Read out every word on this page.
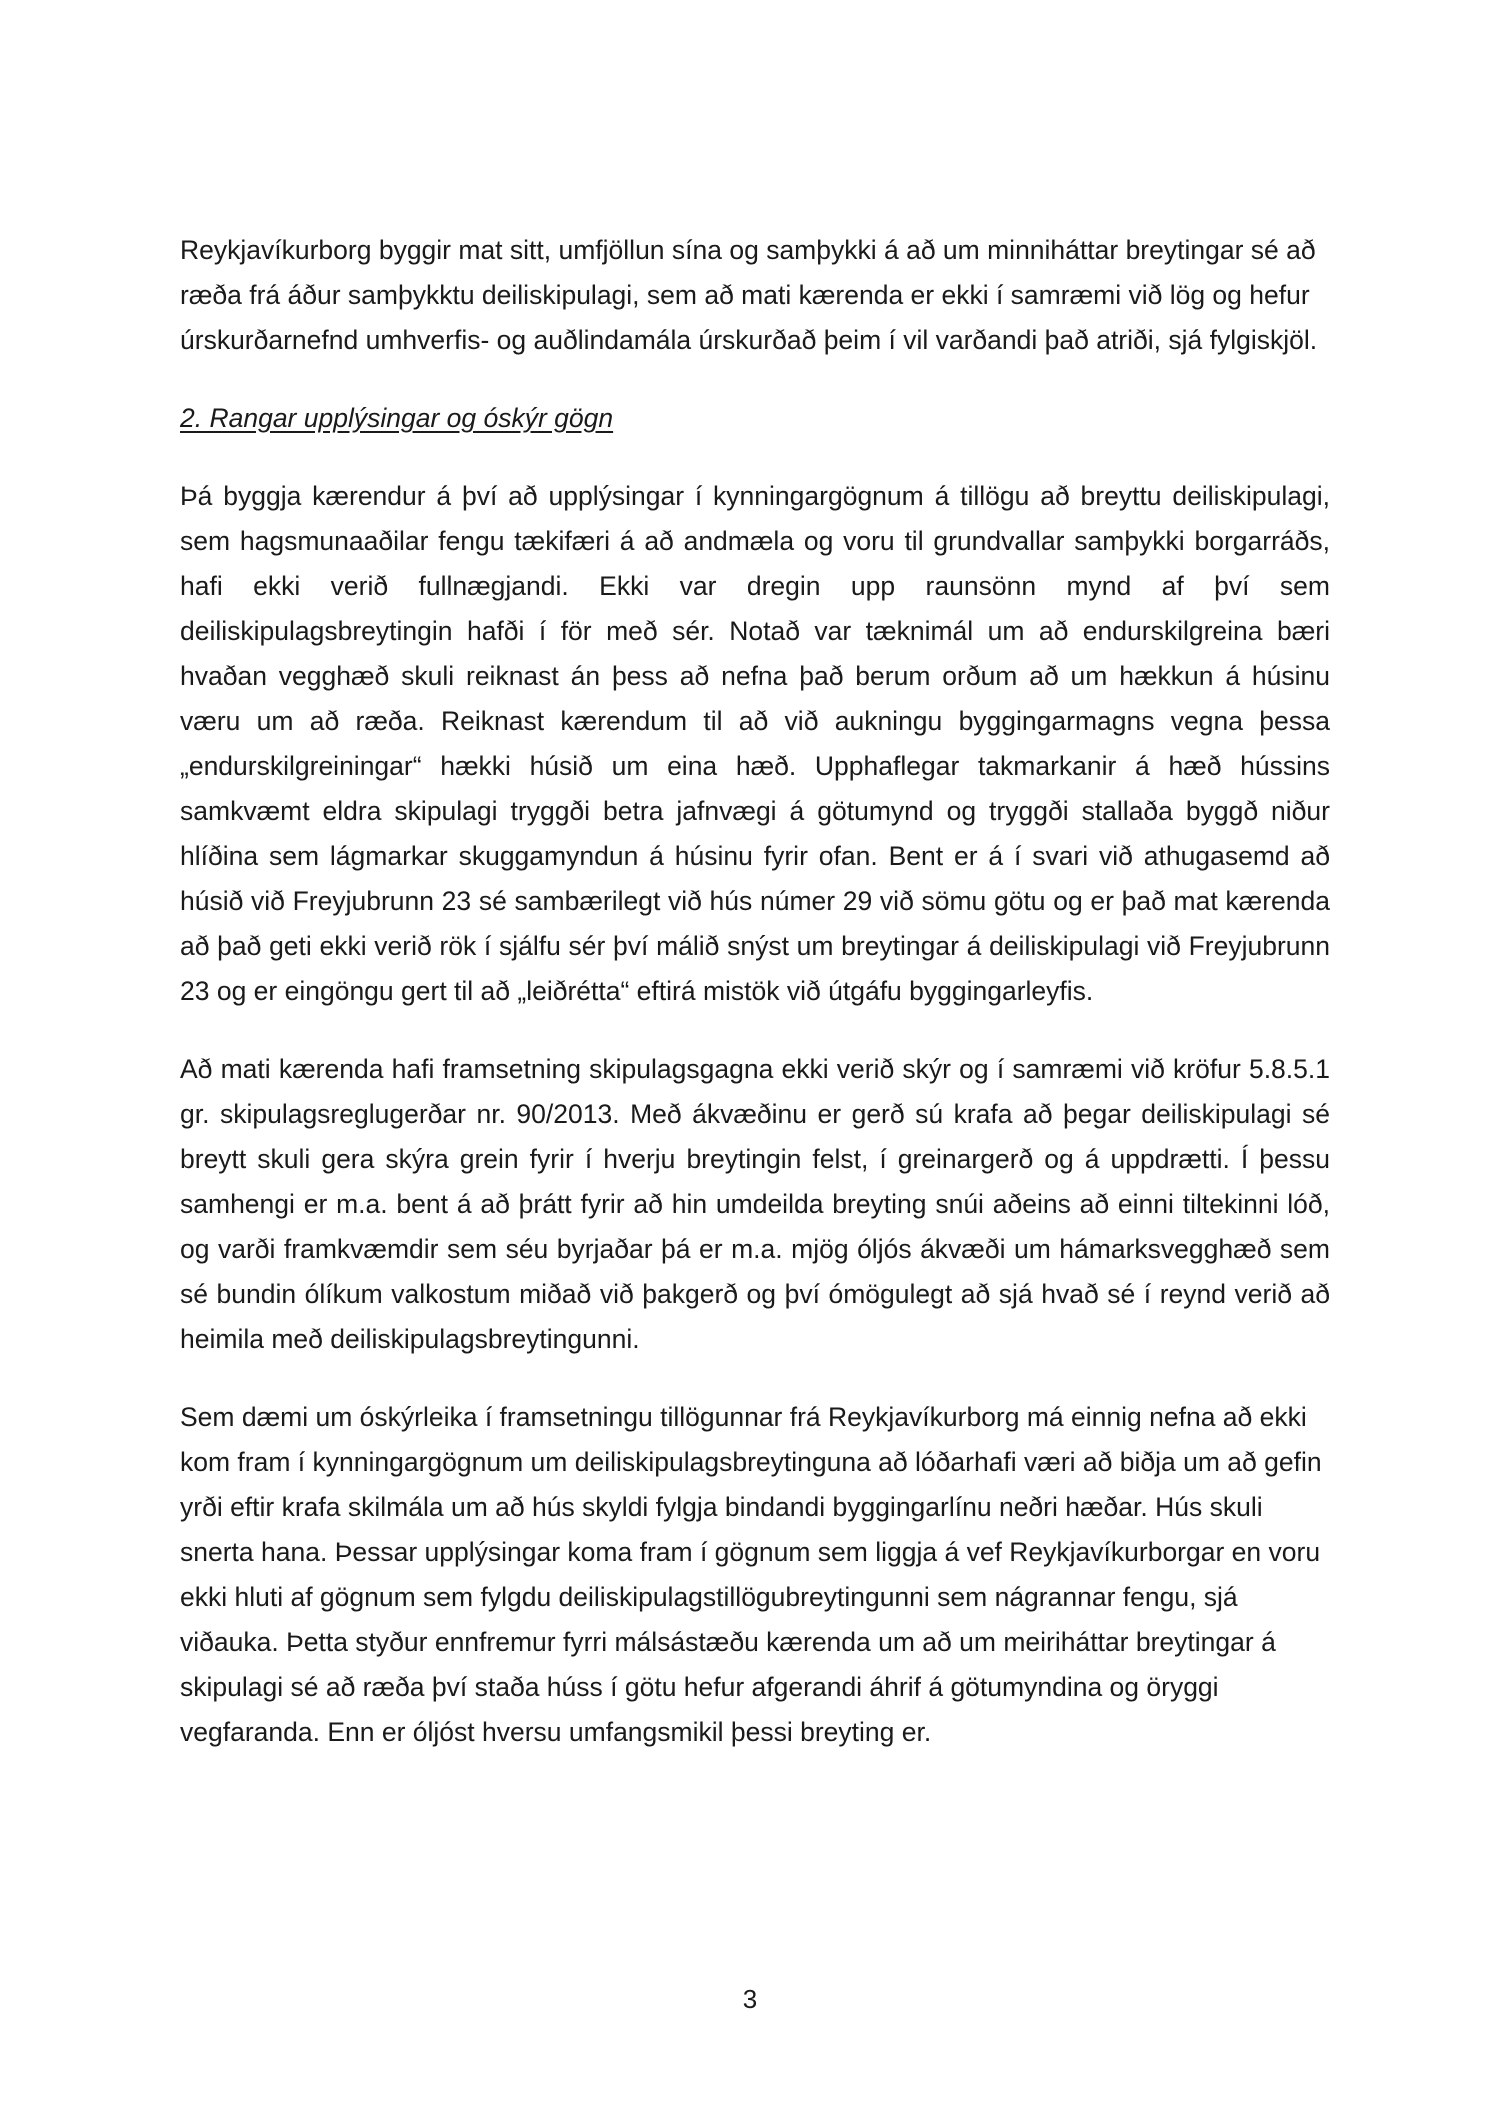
Reykjavíkurborg byggir mat sitt, umfjöllun sína og samþykki á að um minniháttar breytingar sé að ræða frá áður samþykktu deiliskipulagi, sem að mati kærenda er ekki í samræmi við lög og hefur úrskurðarnefnd umhverfis- og auðlindamála úrskurðað þeim í vil varðandi það atriði, sjá fylgiskjöl.

2. Rangar upplýsingar og óskýr gögn

Þá byggja kærendur á því að upplýsingar í kynningargögnum á tillögu að breyttu deiliskipulagi, sem hagsmunaaðilar fengu tækifæri á að andmæla og voru til grundvallar samþykki borgarráðs, hafi ekki verið fullnægjandi. Ekki var dregin upp raunsönn mynd af því sem deiliskipulagsbreytingin hafði í för með sér. Notað var tæknimál um að endurskilgreina bæri hvaðan vegghæð skuli reiknast án þess að nefna það berum orðum að um hækkun á húsinu væru um að ræða. Reiknast kærendum til að við aukningu byggingarmagns vegna þessa „endurskilgreiningar“ hækki húsið um eina hæð. Upphaflegar takmarkanir á hæð hússins samkvæmt eldra skipulagi tryggði betra jafnvægi á götumynd og tryggði stallaða byggð niður hlíðina sem lágmarkar skuggamyndun á húsinu fyrir ofan. Bent er á í svari við athugasemd að húsið við Freyjubrunn 23 sé sambærilegt við hús númer 29 við sömu götu og er það mat kærenda að það geti ekki verið rök í sjálfu sér því málið snýst um breytingar á deiliskipulagi við Freyjubrunn 23 og er eingöngu gert til að „leiðrétta“ eftirá mistök við útgáfu byggingarleyfis.

Að mati kærenda hafi framsetning skipulagsgagna ekki verið skýr og í samræmi við kröfur 5.8.5.1 gr. skipulagsreglugerðar nr. 90/2013. Með ákvæðinu er gerð sú krafa að þegar deiliskipulagi sé breytt skuli gera skýra grein fyrir í hverju breytingin felst, í greinargerð og á uppdrætti. Í þessu samhengi er m.a. bent á að þrátt fyrir að hin umdeilda breyting snúi aðeins að einni tiltekinni lóð, og varði framkvæmdir sem séu byrjaðar þá er m.a. mjög óljós ákvæði um hámarksvegghæð sem sé bundin ólíkum valkostum miðað við þakgerð og því ómögulegt að sjá hvað sé í reynd verið að heimila með deiliskipulagsbreytingunni.

Sem dæmi um óskýrleika í framsetningu tillögunnar frá Reykjavíkurborg má einnig nefna að ekki kom fram í kynningargögnum um deiliskipulagsbreytinguna að lóðarhafi væri að biðja um að gefin yrði eftir krafa skilmála um að hús skyldi fylgja bindandi byggingarlínu neðri hæðar. Hús skuli snerta hana. Þessar upplýsingar koma fram í gögnum sem liggja á vef Reykjavíkurborgar en voru ekki hluti af gögnum sem fylgdu deiliskipulagstillögubreytingunni sem nágrannar fengu, sjá viðauka. Þetta styður ennfremur fyrri málsástæðu kærenda um að um meiriháttar breytingar á skipulagi sé að ræða því staða húss í götu hefur afgerandi áhrif á götumyndina og öryggi vegfaranda. Enn er óljóst hversu umfangsmikil þessi breyting er.

3
